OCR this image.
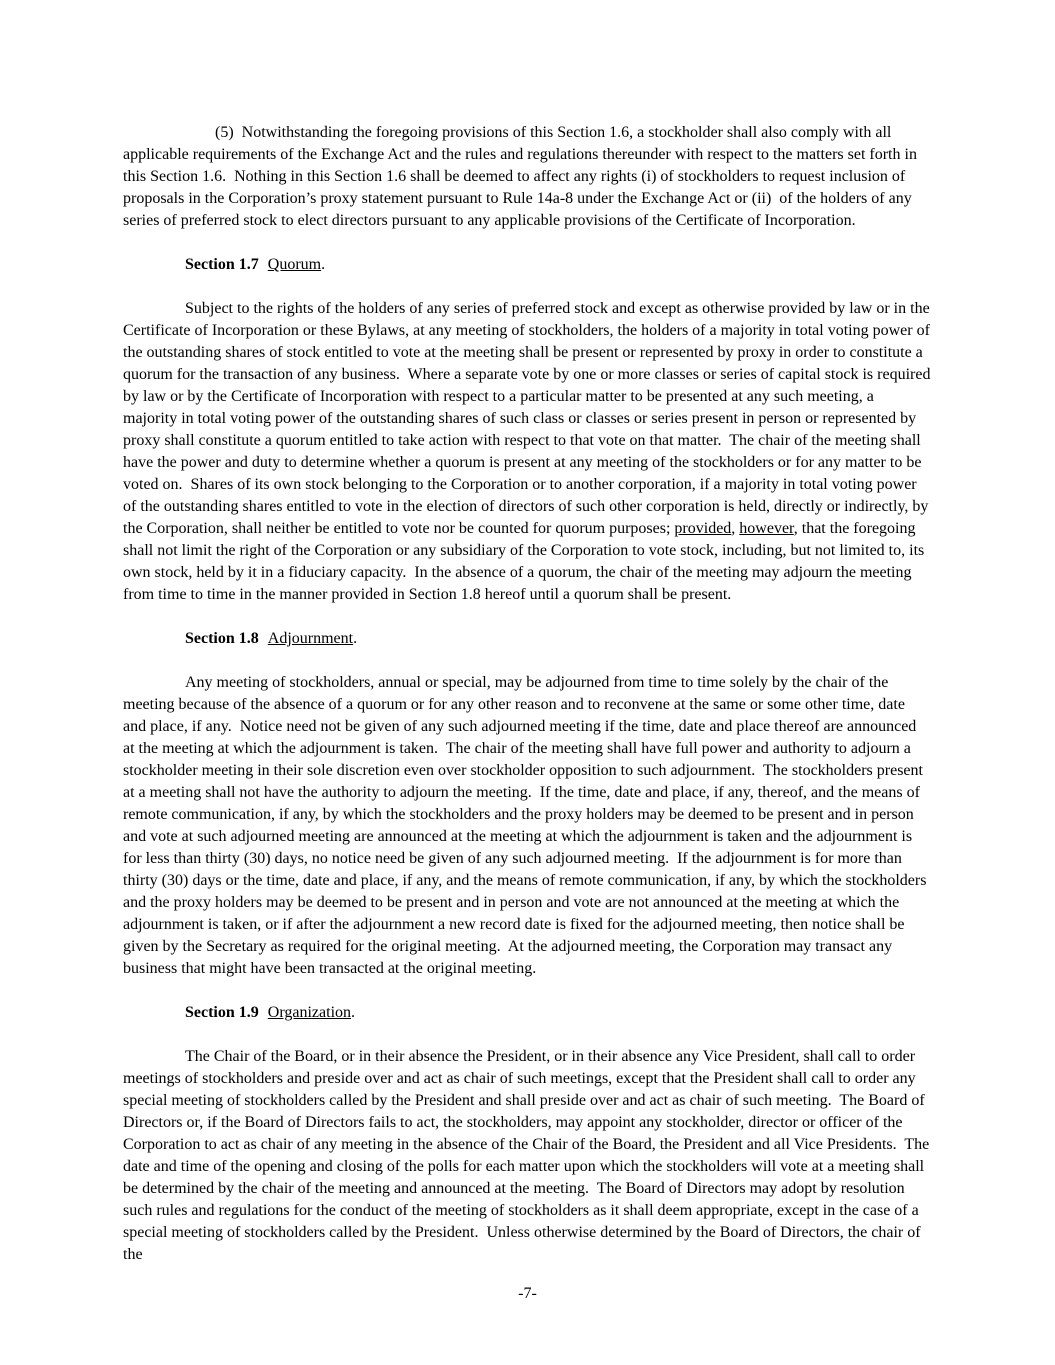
(5)  Notwithstanding the foregoing provisions of this Section 1.6, a stockholder shall also comply with all applicable requirements of the Exchange Act and the rules and regulations thereunder with respect to the matters set forth in this Section 1.6.  Nothing in this Section 1.6 shall be deemed to affect any rights (i) of stockholders to request inclusion of proposals in the Corporation’s proxy statement pursuant to Rule 14a-8 under the Exchange Act or (ii)  of the holders of any series of preferred stock to elect directors pursuant to any applicable provisions of the Certificate of Incorporation.

Section 1.7 Quorum.

Subject to the rights of the holders of any series of preferred stock and except as otherwise provided by law or in the Certificate of Incorporation or these Bylaws, at any meeting of stockholders, the holders of a majority in total voting power of the outstanding shares of stock entitled to vote at the meeting shall be present or represented by proxy in order to constitute a quorum for the transaction of any business.  Where a separate vote by one or more classes or series of capital stock is required by law or by the Certificate of Incorporation with respect to a particular matter to be presented at any such meeting, a majority in total voting power of the outstanding shares of such class or classes or series present in person or represented by proxy shall constitute a quorum entitled to take action with respect to that vote on that matter.  The chair of the meeting shall have the power and duty to determine whether a quorum is present at any meeting of the stockholders or for any matter to be voted on.  Shares of its own stock belonging to the Corporation or to another corporation, if a majority in total voting power of the outstanding shares entitled to vote in the election of directors of such other corporation is held, directly or indirectly, by the Corporation, shall neither be entitled to vote nor be counted for quorum purposes; provided, however, that the foregoing shall not limit the right of the Corporation or any subsidiary of the Corporation to vote stock, including, but not limited to, its own stock, held by it in a fiduciary capacity.  In the absence of a quorum, the chair of the meeting may adjourn the meeting from time to time in the manner provided in Section 1.8 hereof until a quorum shall be present.

Section 1.8 Adjournment.

Any meeting of stockholders, annual or special, may be adjourned from time to time solely by the chair of the meeting because of the absence of a quorum or for any other reason and to reconvene at the same or some other time, date and place, if any.  Notice need not be given of any such adjourned meeting if the time, date and place thereof are announced at the meeting at which the adjournment is taken.  The chair of the meeting shall have full power and authority to adjourn a stockholder meeting in their sole discretion even over stockholder opposition to such adjournment.  The stockholders present at a meeting shall not have the authority to adjourn the meeting.  If the time, date and place, if any, thereof, and the means of remote communication, if any, by which the stockholders and the proxy holders may be deemed to be present and in person and vote at such adjourned meeting are announced at the meeting at which the adjournment is taken and the adjournment is for less than thirty (30) days, no notice need be given of any such adjourned meeting.  If the adjournment is for more than thirty (30) days or the time, date and place, if any, and the means of remote communication, if any, by which the stockholders and the proxy holders may be deemed to be present and in person and vote are not announced at the meeting at which the adjournment is taken, or if after the adjournment a new record date is fixed for the adjourned meeting, then notice shall be given by the Secretary as required for the original meeting.  At the adjourned meeting, the Corporation may transact any business that might have been transacted at the original meeting.

Section 1.9 Organization.

The Chair of the Board, or in their absence the President, or in their absence any Vice President, shall call to order meetings of stockholders and preside over and act as chair of such meetings, except that the President shall call to order any special meeting of stockholders called by the President and shall preside over and act as chair of such meeting.  The Board of Directors or, if the Board of Directors fails to act, the stockholders, may appoint any stockholder, director or officer of the Corporation to act as chair of any meeting in the absence of the Chair of the Board, the President and all Vice Presidents.  The date and time of the opening and closing of the polls for each matter upon which the stockholders will vote at a meeting shall be determined by the chair of the meeting and announced at the meeting.  The Board of Directors may adopt by resolution such rules and regulations for the conduct of the meeting of stockholders as it shall deem appropriate, except in the case of a special meeting of stockholders called by the President.  Unless otherwise determined by the Board of Directors, the chair of the

-7-
